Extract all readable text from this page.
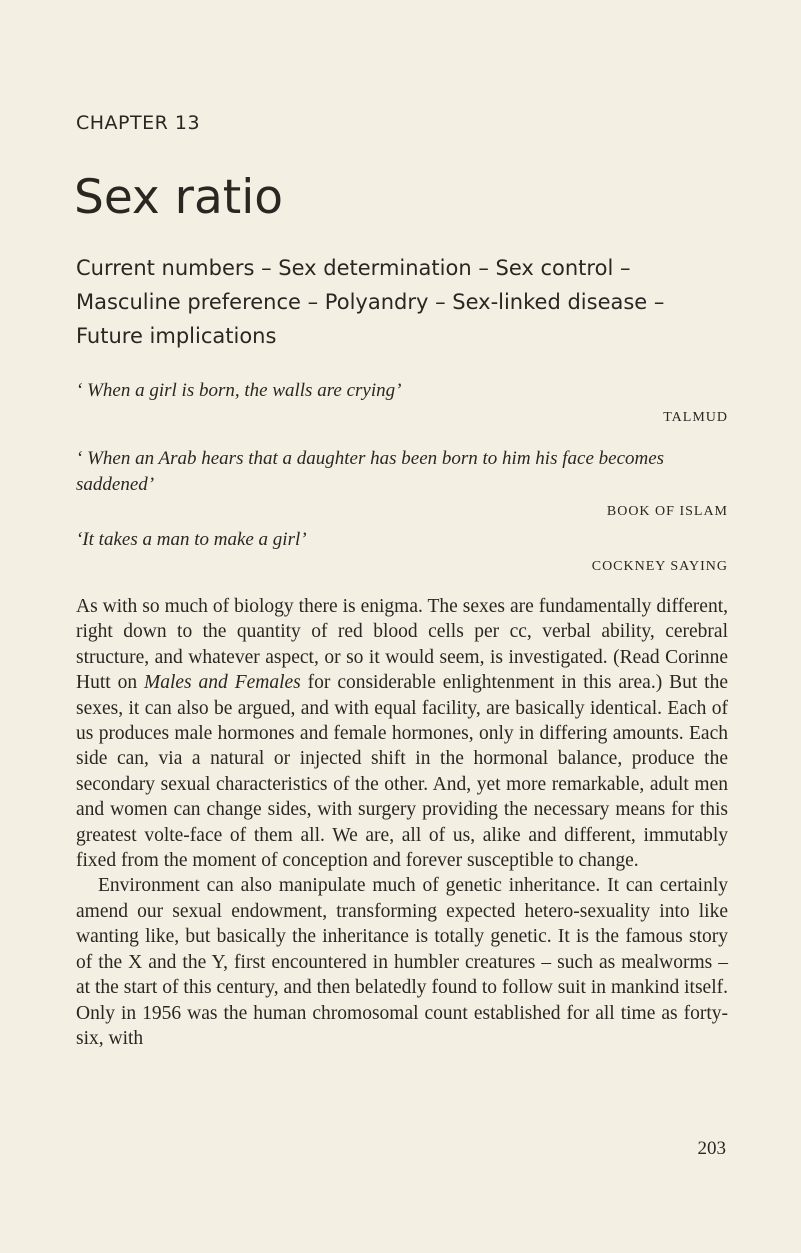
CHAPTER 13
Sex ratio
Current numbers – Sex determination – Sex control – Masculine preference – Polyandry – Sex-linked disease – Future implications
‘ When a girl is born, the walls are crying’
TALMUD
‘ When an Arab hears that a daughter has been born to him his face becomes saddened’
BOOK OF ISLAM
‘It takes a man to make a girl’
COCKNEY SAYING

As with so much of biology there is enigma. The sexes are fundamentally different, right down to the quantity of red blood cells per cc, verbal ability, cerebral structure, and whatever aspect, or so it would seem, is investigated. (Read Corinne Hutt on Males and Females for considerable enlightenment in this area.) But the sexes, it can also be argued, and with equal facility, are basically identical. Each of us produces male hormones and female hormones, only in differing amounts. Each side can, via a natural or injected shift in the hormonal balance, produce the secondary sexual characteristics of the other. And, yet more remarkable, adult men and women can change sides, with surgery providing the necessary means for this greatest volte-face of them all. We are, all of us, alike and different, immutably fixed from the moment of conception and forever susceptible to change.

Environment can also manipulate much of genetic inheritance. It can certainly amend our sexual endowment, transforming expected hetero-sexuality into like wanting like, but basically the inheritance is totally genetic. It is the famous story of the X and the Y, first encountered in humbler creatures – such as mealworms – at the start of this century, and then belatedly found to follow suit in mankind itself. Only in 1956 was the human chromosomal count established for all time as forty-six, with

203
